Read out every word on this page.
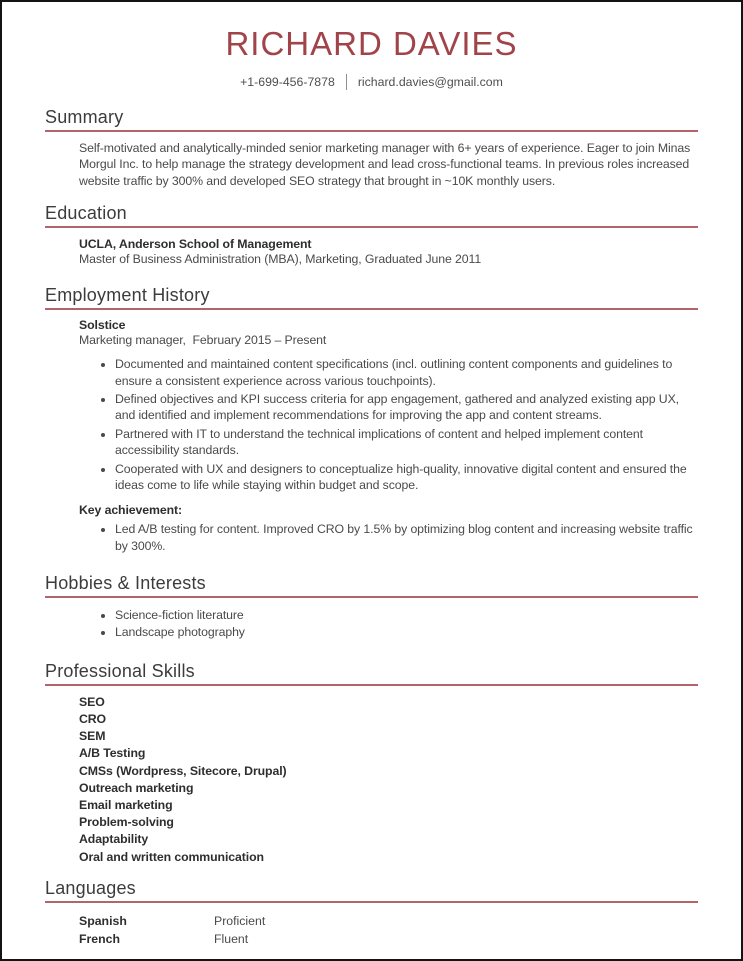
RICHARD DAVIES
+1-699-456-7878 richard.davies@gmail.com
Summary

Self-motivated and analytically-minded senior marketing manager with 6+ years of experience. Eager to join Minas Morgul Inc. to help manage the strategy development and lead cross-functional teams. In previous roles increased website traffic by 300% and developed SEO strategy that brought in ~10K monthly users.

Education
UCLA, Anderson School of Management
Master of Business Administration (MBA), Marketing, Graduated June 2011
Employment History
Solstice
Marketing manager,  February 2015 – Present
• Documented and maintained content specifications (incl. outlining content components and guidelines to ensure a consistent experience across various touchpoints).
• Defined objectives and KPI success criteria for app engagement, gathered and analyzed existing app UX, and identified and implement recommendations for improving the app and content streams.
• Partnered with IT to understand the technical implications of content and helped implement content accessibility standards.
• Cooperated with UX and designers to conceptualize high-quality, innovative digital content and ensured the ideas come to life while staying within budget and scope.
Key achievement:
• Led A/B testing for content. Improved CRO by 1.5% by optimizing blog content and increasing website traffic by 300%.
Hobbies & Interests
• Science-fiction literature
• Landscape photography
Professional Skills
SEO
CRO
SEM
A/B Testing
CMSs (Wordpress, Sitecore, Drupal)
Outreach marketing
Email marketing
Problem-solving
Adaptability
Oral and written communication
Languages
Spanish	Proficient
French	Fluent
